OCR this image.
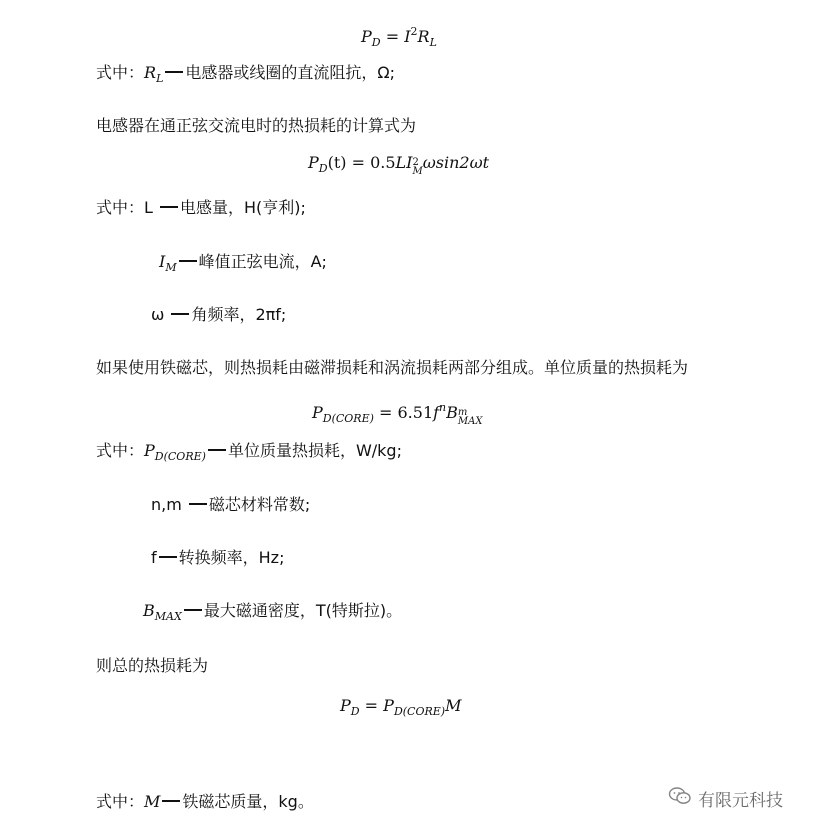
$P_D = I^2R_L$
式中：$R_L$ 电感器或线圈的直流阻抗，Ω;
电感器在通正弦交流电时的热损耗的计算式为
$P_D(t) = 0.5LI$ 2
M ωsin2ωt
式中：L 电感量，H(亨利);
$I_M$ 峰值正弦电流，A;
ω 角频率，2πf;
如果使用铁磁芯，则热损耗由磁滞损耗和涡流损耗两部分组成。单位质量的热损耗为
$P_{D(CORE)} = 6.51f^nB$ m
MAX
式中：$P_{D(CORE)}$ 单位质量热损耗，W/kg;
n,m 磁芯材料常数;
f 转换频率，Hz;
$B_{MAX}$ 最大磁通密度，T(特斯拉)。
则总的热损耗为
$P_D = P_{D(CORE)}M$
式中：M 铁磁芯质量，kg。	有限元科技
